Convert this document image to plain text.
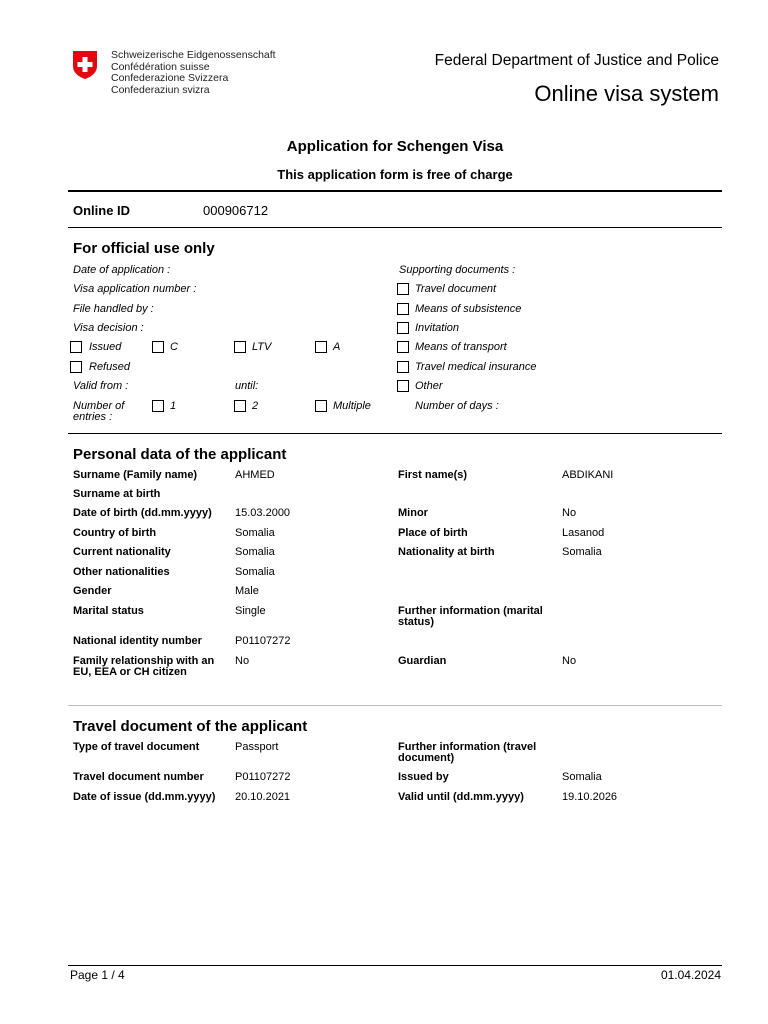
Schweizerische Eidgenossenschaft
Confédération suisse
Confederazione Svizzera
Confederaziun svizra
Federal Department of Justice and Police
Online visa system
Application for Schengen Visa
This application form is free of charge
Online ID	000906712
For official use only
Date of application :
Visa application number :
File handled by :
Visa decision :
Issued	C	LTV	A
Refused
Valid from :	until:
Number of entries :
1	2	Multiple
Supporting documents :
Travel document
Means of subsistence
Invitation
Means of transport
Travel medical insurance
Other
Number of days :
Personal data of the applicant
Surname (Family name)	AHMED	First name(s)	ABDIKANI
Surname at birth
Date of birth (dd.mm.yyyy) 15.03.2000	Minor	No
Country of birth	Somalia	Place of birth	Lasanod
Current nationality	Somalia	Nationality at birth	Somalia
Other nationalities	Somalia
Gender	Male
Marital status	Single	Further information (marital status)
National identity number	P01107272
Family relationship with an EU, EEA or CH citizen
No	Guardian	No
Travel document of the applicant
Type of travel document	Passport	Further information (travel document)
Travel document number	P01107272	Issued by	Somalia
Date of issue (dd.mm.yyyy) 20.10.2021	Valid until (dd.mm.yyyy)	19.10.2026
Page 1 / 4	01.04.2024
